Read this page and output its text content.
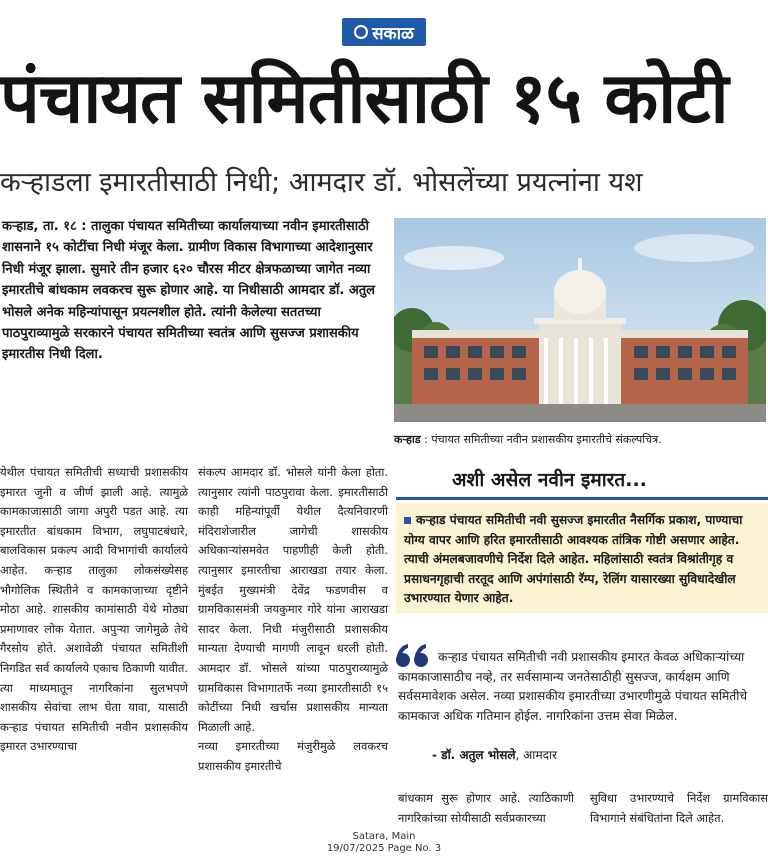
सकाळ
पंचायत समितीसाठी १५ कोटी
कऱ्हाडला इमारतीसाठी निधी; आमदार डॉ. भोसलेंच्या प्रयत्नांना यश

कऱ्हाड, ता. १८ : तालुका पंचायत समितीच्या कार्यालयाच्या नवीन इमारतीसाठी शासनाने १५ कोटींचा निधी मंजूर केला. ग्रामीण विकास विभागाच्या आदेशानुसार निधी मंजूर झाला. सुमारे तीन हजार ६२० चौरस मीटर क्षेत्रफळाच्या जागेत नव्या इमारतीचे बांधकाम लवकरच सुरू होणार आहे. या निधीसाठी आमदार डॉ. अतुल भोसले अनेक महिन्यांपासून प्रयत्नशील होते. त्यांनी केलेल्या सततच्या पाठपुराव्यामुळे सरकारने पंचायत समितीच्या स्वतंत्र आणि सुसज्ज प्रशासकीय इमारतीस निधी दिला.

कऱ्हाड : पंचायत समितीच्या नवीन प्रशासकीय इमारतीचे संकल्पचित्र.

येथील पंचायत समितीची सध्याची प्रशासकीय इमारत जुनी व जीर्ण झाली आहे. त्यामुळे कामकाजासाठी जागा अपुरी पडत आहे. त्या इमारतीत बांधकाम विभाग, लघुपाटबंधारे, बालविकास प्रकल्प आदी विभागांची कार्यालये आहेत. कऱ्हाड तालुका लोकसंख्येसह भौगोलिक स्थितीने व कामकाजाच्या दृष्टीने मोठा आहे. शासकीय कामांसाठी येथे मोठ्या प्रमाणावर लोक येतात. अपुऱ्या जागेमुळे तेथे गैरसोय होते. अशावेळी पंचायत समितीशी निगडित सर्व कार्यालये एकाच ठिकाणी यावीत. त्या माध्यमातून नागरिकांना सुलभपणे शासकीय सेवांचा लाभ घेता यावा, यासाठी कऱ्हाड पंचायत समितीची नवीन प्रशासकीय इमारत उभारण्याचा

संकल्प आमदार डॉ. भोसले यांनी केला होता. त्यानुसार त्यांनी पाठपुरावा केला. इमारतीसाठी काही महिन्यांपूर्वी येथील दैत्यनिवारणी मंदिराशेजारील जागेची शासकीय अधिकाऱ्यांसमवेत पाहणीही केली होती. त्यानुसार इमारतीचा आराखडा तयार केला. मुंबईत मुख्यमंत्री देवेंद्र फडणवीस व ग्रामविकासमंत्री जयकुमार गोरे यांना आराखडा सादर केला. निधी मंजुरीसाठी प्रशासकीय मान्यता देण्याची मागणी लावून धरली होती. आमदार डॉ. भोसले यांच्या पाठपुराव्यामुळे ग्रामविकास विभागातर्फे नव्या इमारतीसाठी १५ कोटींच्या निधी खर्चास प्रशासकीय मान्यता मिळाली आहे.

नव्या इमारतीच्या मंजुरीमुळे लवकरच प्रशासकीय इमारतीचे

बांधकाम सुरू होणार आहे. त्याठिकाणी नागरिकांच्या सोयीसाठी सर्वप्रकारच्या

सुविधा उभारण्याचे निर्देश ग्रामविकास विभागाने संबंधितांना दिले आहेत.

अशी असेल नवीन इमारत...
कऱ्हाड पंचायत समितीची नवी सुसज्ज इमारतीत नैसर्गिक प्रकाश, पाण्याचा योग्य वापर आणि हरित इमारतीसाठी आवश्यक तांत्रिक गोष्टी असणार आहेत. त्याची अंमलबजावणीचे निर्देश दिले आहेत. महिलांसाठी स्वतंत्र विश्रांतीगृह व प्रसाधनगृहाची तरतूद आणि अपंगांसाठी रॅम्प, रेलिंग यासारख्या सुविधादेखील उभारण्यात येणार आहेत.
कऱ्हाड पंचायत समितीची नवी प्रशासकीय इमारत केवळ अधिकाऱ्यांच्या कामकाजासाठीच नव्हे, तर सर्वसामान्य जनतेसाठीही सुसज्ज, कार्यक्षम आणि सर्वसमावेशक असेल. नव्या प्रशासकीय इमारतीच्या उभारणीमुळे पंचायत समितीचे कामकाज अधिक गतिमान होईल. नागरिकांना उत्तम सेवा मिळेल.
- डॉ. अतुल भोसले, आमदार
Satara, Main
19/07/2025 Page No. 3
